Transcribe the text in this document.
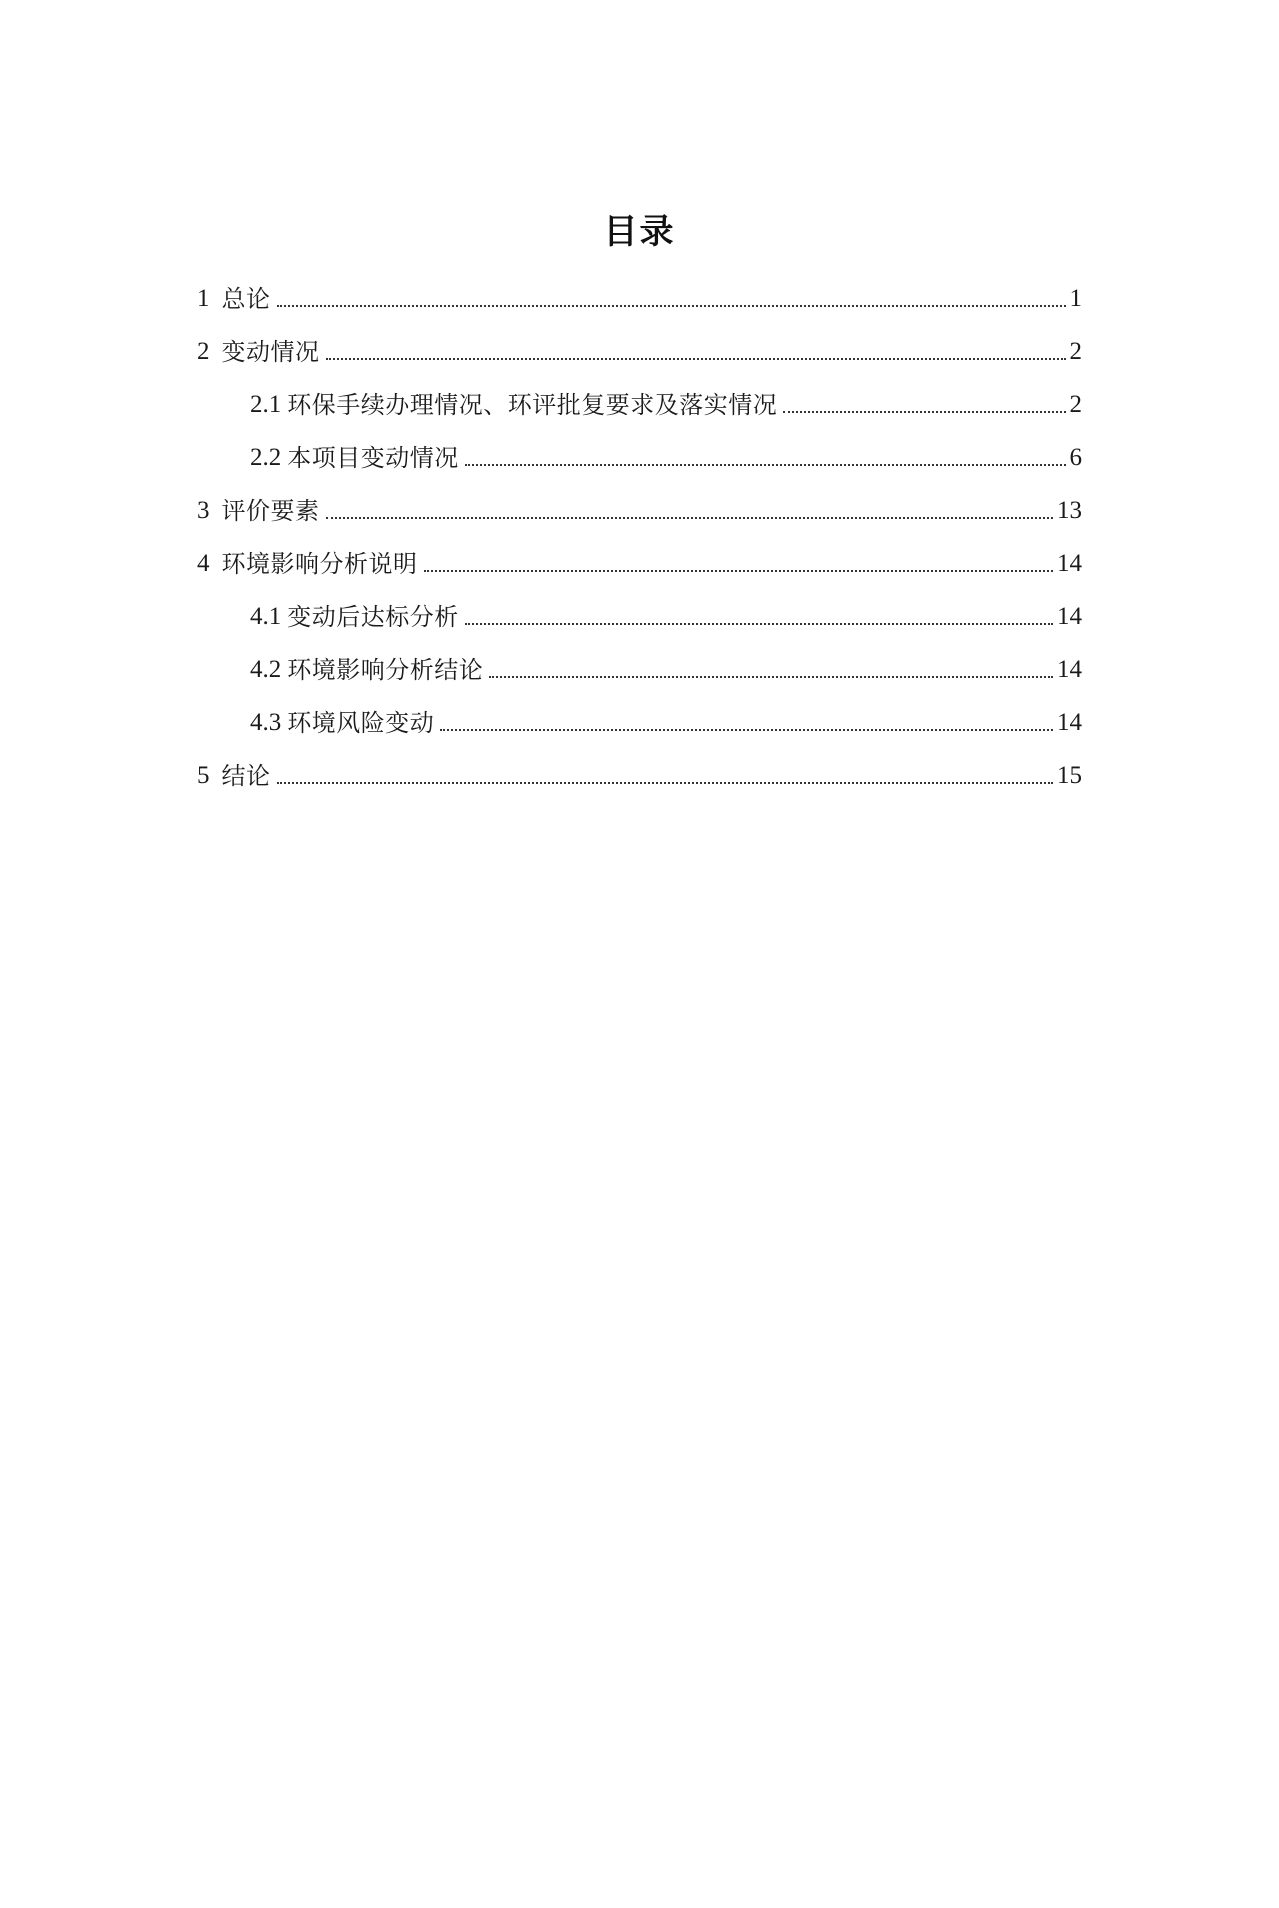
目录
1 总论	1
2 变动情况	2
2.1 环保手续办理情况、环评批复要求及落实情况	2
2.2 本项目变动情况	6
3 评价要素	13
4 环境影响分析说明	14
4.1 变动后达标分析	14
4.2 环境影响分析结论	14
4.3 环境风险变动	14
5 结论	15
